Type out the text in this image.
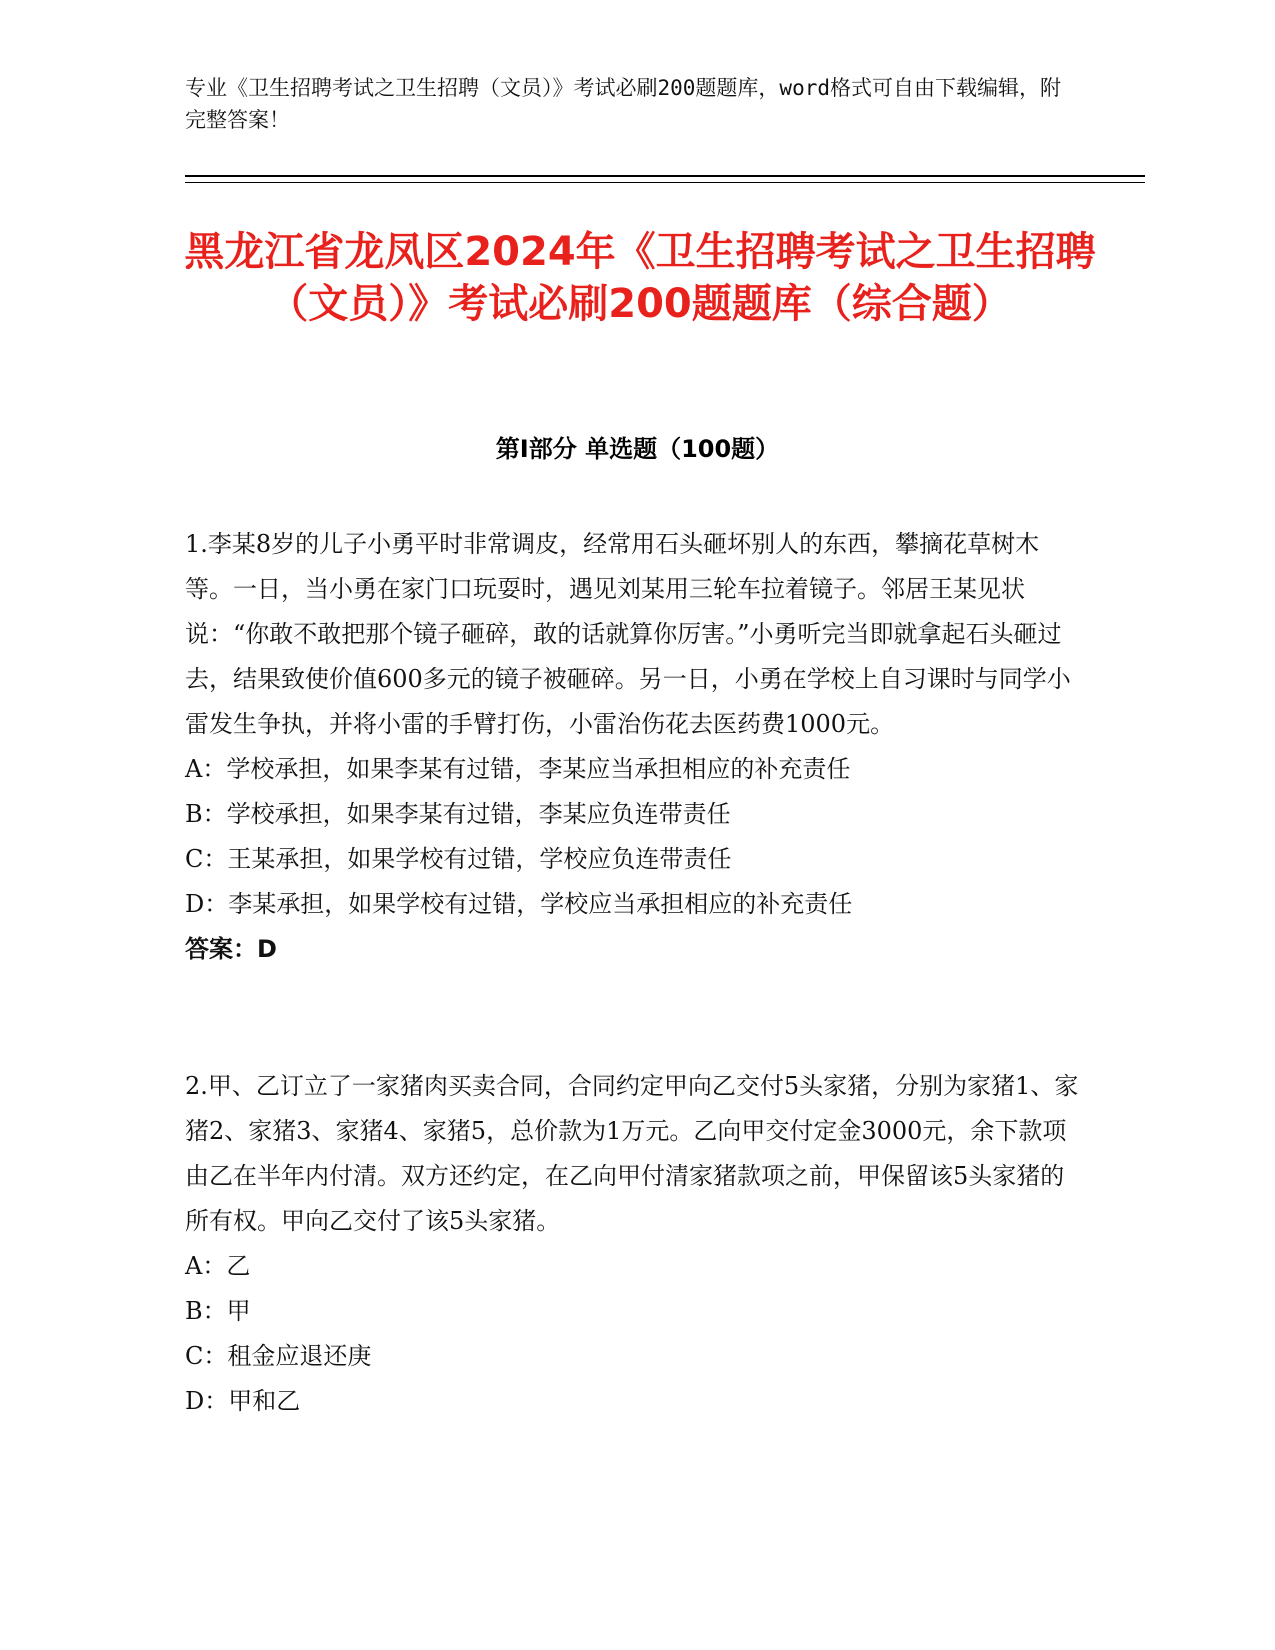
专业《卫生招聘考试之卫生招聘（文员）》考试必刷200题题库，word格式可自由下载编辑，附完整答案！
黑龙江省龙凤区2024年《卫生招聘考试之卫生招聘（文员）》考试必刷200题题库（综合题）
第Ⅰ部分 单选题（100题）

1.李某8岁的儿子小勇平时非常调皮，经常用石头砸坏别人的东西，攀摘花草树木等。一日，当小勇在家门口玩耍时，遇见刘某用三轮车拉着镜子。邻居王某见状说：“你敢不敢把那个镜子砸碎，敢的话就算你厉害。”小勇听完当即就拿起石头砸过去，结果致使价值600多元的镜子被砸碎。另一日，小勇在学校上自习课时与同学小雷发生争执，并将小雷的手臂打伤，小雷治伤花去医药费1000元。

A：学校承担，如果李某有过错，李某应当承担相应的补充责任

B：学校承担，如果李某有过错，李某应负连带责任

C：王某承担，如果学校有过错，学校应负连带责任

D：李某承担，如果学校有过错，学校应当承担相应的补充责任

答案：D

2.甲、乙订立了一家猪肉买卖合同，合同约定甲向乙交付5头家猪，分别为家猪1、家猪2、家猪3、家猪4、家猪5，总价款为1万元。乙向甲交付定金3000元，余下款项由乙在半年内付清。双方还约定，在乙向甲付清家猪款项之前，甲保留该5头家猪的所有权。甲向乙交付了该5头家猪。

A：乙

B：甲

C：租金应退还庚

D：甲和乙
